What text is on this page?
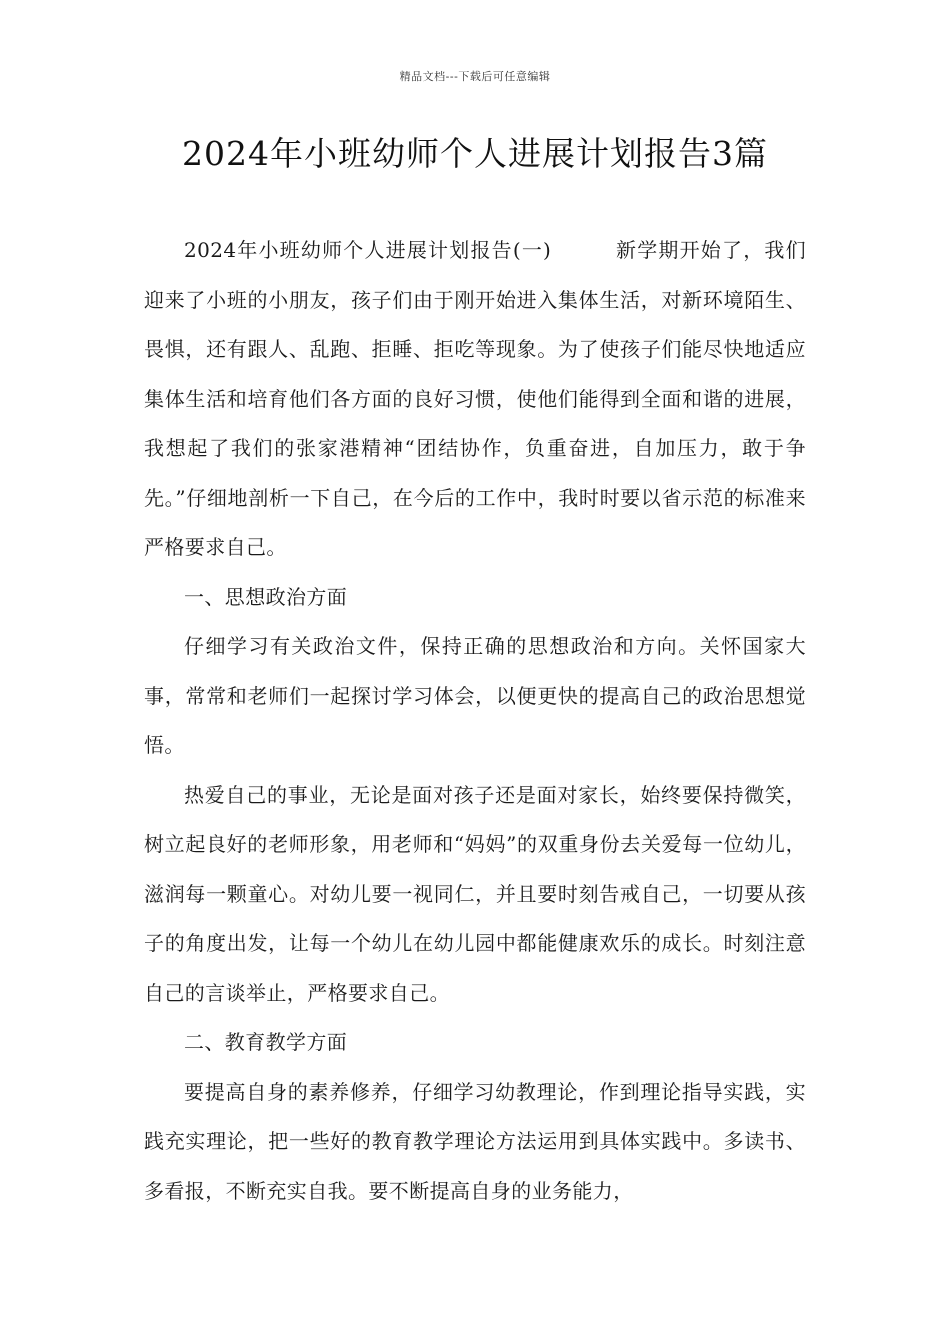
精品文档---下载后可任意编辑
2024年小班幼师个人进展计划报告3篇

2024年小班幼师个人进展计划报告(一)	新学期开始了，我们迎来了小班的小朋友，孩子们由于刚开始进入集体生活，对新环境陌生、畏惧，还有跟人、乱跑、拒睡、拒吃等现象。为了使孩子们能尽快地适应集体生活和培育他们各方面的良好习惯，使他们能得到全面和谐的进展，我想起了我们的张家港精神“团结协作，负重奋进，自加压力，敢于争先。”仔细地剖析一下自己，在今后的工作中，我时时要以省示范的标准来严格要求自己。

一、思想政治方面

仔细学习有关政治文件，保持正确的思想政治和方向。关怀国家大事，常常和老师们一起探讨学习体会，以便更快的提高自己的政治思想觉悟。

热爱自己的事业，无论是面对孩子还是面对家长，始终要保持微笑，树立起良好的老师形象，用老师和“妈妈”的双重身份去关爱每一位幼儿，滋润每一颗童心。对幼儿要一视同仁，并且要时刻告戒自己，一切要从孩子的角度出发，让每一个幼儿在幼儿园中都能健康欢乐的成长。时刻注意自己的言谈举止，严格要求自己。

二、教育教学方面

要提高自身的素养修养，仔细学习幼教理论，作到理论指导实践，实践充实理论，把一些好的教育教学理论方法运用到具体实践中。多读书、多看报，不断充实自我。要不断提高自身的业务能力，
